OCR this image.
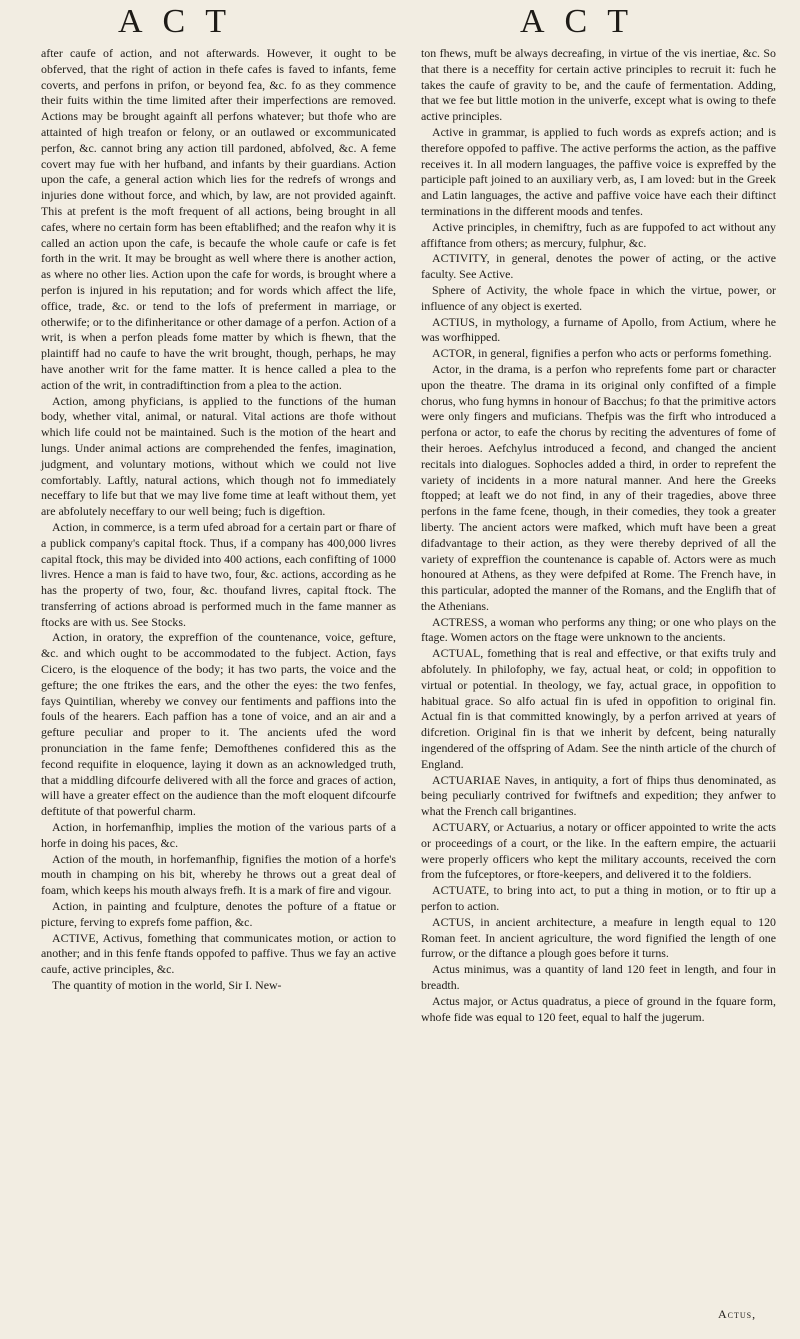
ACT	ACT

after caufe of action, and not afterwards. However, it ought to be obferved, that the right of action in thefe cafes is faved to infants, feme coverts, and perfons in prifon, or beyond fea, &c. fo as they commence their fuits within the time limited after their imperfections are removed. Actions may be brought againft all perfons whatever; but thofe who are attainted of high treafon or felony, or an outlawed or excommunicated perfon, &c. cannot bring any action till pardoned, abfolved, &c. A feme covert may fue with her hufband, and infants by their guardians. Action upon the cafe, a general action which lies for the redrefs of wrongs and injuries done without force, and which, by law, are not provided againft. This at prefent is the moft frequent of all actions, being brought in all cafes, where no certain form has been eftablifhed; and the reafon why it is called an action upon the cafe, is becaufe the whole caufe or cafe is fet forth in the writ. It may be brought as well where there is another action, as where no other lies. Action upon the cafe for words, is brought where a perfon is injured in his reputation; and for words which affect the life, office, trade, &c. or tend to the lofs of preferment in marriage, or otherwife; or to the difinheritance or other damage of a perfon. Action of a writ, is when a perfon pleads fome matter by which is fhewn, that the plaintiff had no caufe to have the writ brought, though, perhaps, he may have another writ for the fame matter. It is hence called a plea to the action of the writ, in contradiftinction from a plea to the action.

Action, among phyficians, is applied to the functions of the human body, whether vital, animal, or natural. Vital actions are thofe without which life could not be maintained. Such is the motion of the heart and lungs. Under animal actions are comprehended the fenfes, imagination, judgment, and voluntary motions, without which we could not live comfortably. Laftly, natural actions, which though not fo immediately neceffary to life but that we may live fome time at leaft without them, yet are abfolutely neceffary to our well being; fuch is digeftion.

Action, in commerce, is a term ufed abroad for a certain part or fhare of a publick company's capital ftock. Thus, if a company has 400,000 livres capital ftock, this may be divided into 400 actions, each confifting of 1000 livres. Hence a man is faid to have two, four, &c. actions, according as he has the property of two, four, &c. thoufand livres, capital ftock. The transferring of actions abroad is performed much in the fame manner as ftocks are with us. See Stocks.

Action, in oratory, the expreffion of the countenance, voice, gefture, &c. and which ought to be accommodated to the fubject. Action, fays Cicero, is the eloquence of the body; it has two parts, the voice and the gefture; the one ftrikes the ears, and the other the eyes: the two fenfes, fays Quintilian, whereby we convey our fentiments and paffions into the fouls of the hearers. Each paffion has a tone of voice, and an air and a gefture peculiar and proper to it. The ancients ufed the word pronunciation in the fame fenfe; Demofthenes confidered this as the fecond requifite in eloquence, laying it down as an acknowledged truth, that a middling difcourfe delivered with all the force and graces of action, will have a greater effect on the audience than the moft eloquent difcourfe deftitute of that powerful charm.

Action, in horfemanfhip, implies the motion of the various parts of a horfe in doing his paces, &c.

Action of the mouth, in horfemanfhip, fignifies the motion of a horfe's mouth in champing on his bit, whereby he throws out a great deal of foam, which keeps his mouth always frefh. It is a mark of fire and vigour.

Action, in painting and fculpture, denotes the pofture of a ftatue or picture, ferving to exprefs fome paffion, &c.

ACTIVE, Activus, fomething that communicates motion, or action to another; and in this fenfe ftands oppofed to paffive. Thus we fay an active caufe, active principles, &c.

The quantity of motion in the world, Sir I. New-

ton fhews, muft be always decreafing, in virtue of the vis inertiae, &c. So that there is a neceffity for certain active principles to recruit it: fuch he takes the caufe of gravity to be, and the caufe of fermentation. Adding, that we fee but little motion in the univerfe, except what is owing to thefe active principles.

Active in grammar, is applied to fuch words as exprefs action; and is therefore oppofed to paffive. The active performs the action, as the paffive receives it. In all modern languages, the paffive voice is expreffed by the participle paft joined to an auxiliary verb, as, I am loved: but in the Greek and Latin languages, the active and paffive voice have each their diftinct terminations in the different moods and tenfes.

Active principles, in chemiftry, fuch as are fuppofed to act without any affiftance from others; as mercury, fulphur, &c.

ACTIVITY, in general, denotes the power of acting, or the active faculty. See Active.

Sphere of Activity, the whole fpace in which the virtue, power, or influence of any object is exerted.

ACTIUS, in mythology, a furname of Apollo, from Actium, where he was worfhipped.

ACTOR, in general, fignifies a perfon who acts or performs fomething.

Actor, in the drama, is a perfon who reprefents fome part or character upon the theatre. The drama in its original only confifted of a fimple chorus, who fung hymns in honour of Bacchus; fo that the primitive actors were only fingers and muficians. Thefpis was the firft who introduced a perfona or actor, to eafe the chorus by reciting the adventures of fome of their heroes. Aefchylus introduced a fecond, and changed the ancient recitals into dialogues. Sophocles added a third, in order to reprefent the variety of incidents in a more natural manner. And here the Greeks ftopped; at leaft we do not find, in any of their tragedies, above three perfons in the fame fcene, though, in their comedies, they took a greater liberty. The ancient actors were mafked, which muft have been a great difadvantage to their action, as they were thereby deprived of all the variety of expreffion the countenance is capable of. Actors were as much honoured at Athens, as they were defpifed at Rome. The French have, in this particular, adopted the manner of the Romans, and the Englifh that of the Athenians.

ACTRESS, a woman who performs any thing; or one who plays on the ftage. Women actors on the ftage were unknown to the ancients.

ACTUAL, fomething that is real and effective, or that exifts truly and abfolutely. In philofophy, we fay, actual heat, or cold; in oppofition to virtual or potential. In theology, we fay, actual grace, in oppofition to habitual grace. So alfo actual fin is ufed in oppofition to original fin. Actual fin is that committed knowingly, by a perfon arrived at years of difcretion. Original fin is that we inherit by defcent, being naturally ingendered of the offspring of Adam. See the ninth article of the church of England.

ACTUARIAE Naves, in antiquity, a fort of fhips thus denominated, as being peculiarly contrived for fwiftnefs and expedition; they anfwer to what the French call brigantines.

ACTUARY, or Actuarius, a notary or officer appointed to write the acts or proceedings of a court, or the like. In the eaftern empire, the actuarii were properly officers who kept the military accounts, received the corn from the fufceptores, or ftore-keepers, and delivered it to the foldiers.

ACTUATE, to bring into act, to put a thing in motion, or to ftir up a perfon to action.

ACTUS, in ancient architecture, a meafure in length equal to 120 Roman feet. In ancient agriculture, the word fignified the length of one furrow, or the diftance a plough goes before it turns.

Actus minimus, was a quantity of land 120 feet in length, and four in breadth.

Actus major, or Actus quadratus, a piece of ground in the fquare form, whofe fide was equal to 120 feet, equal to half the jugerum.

Actus,
